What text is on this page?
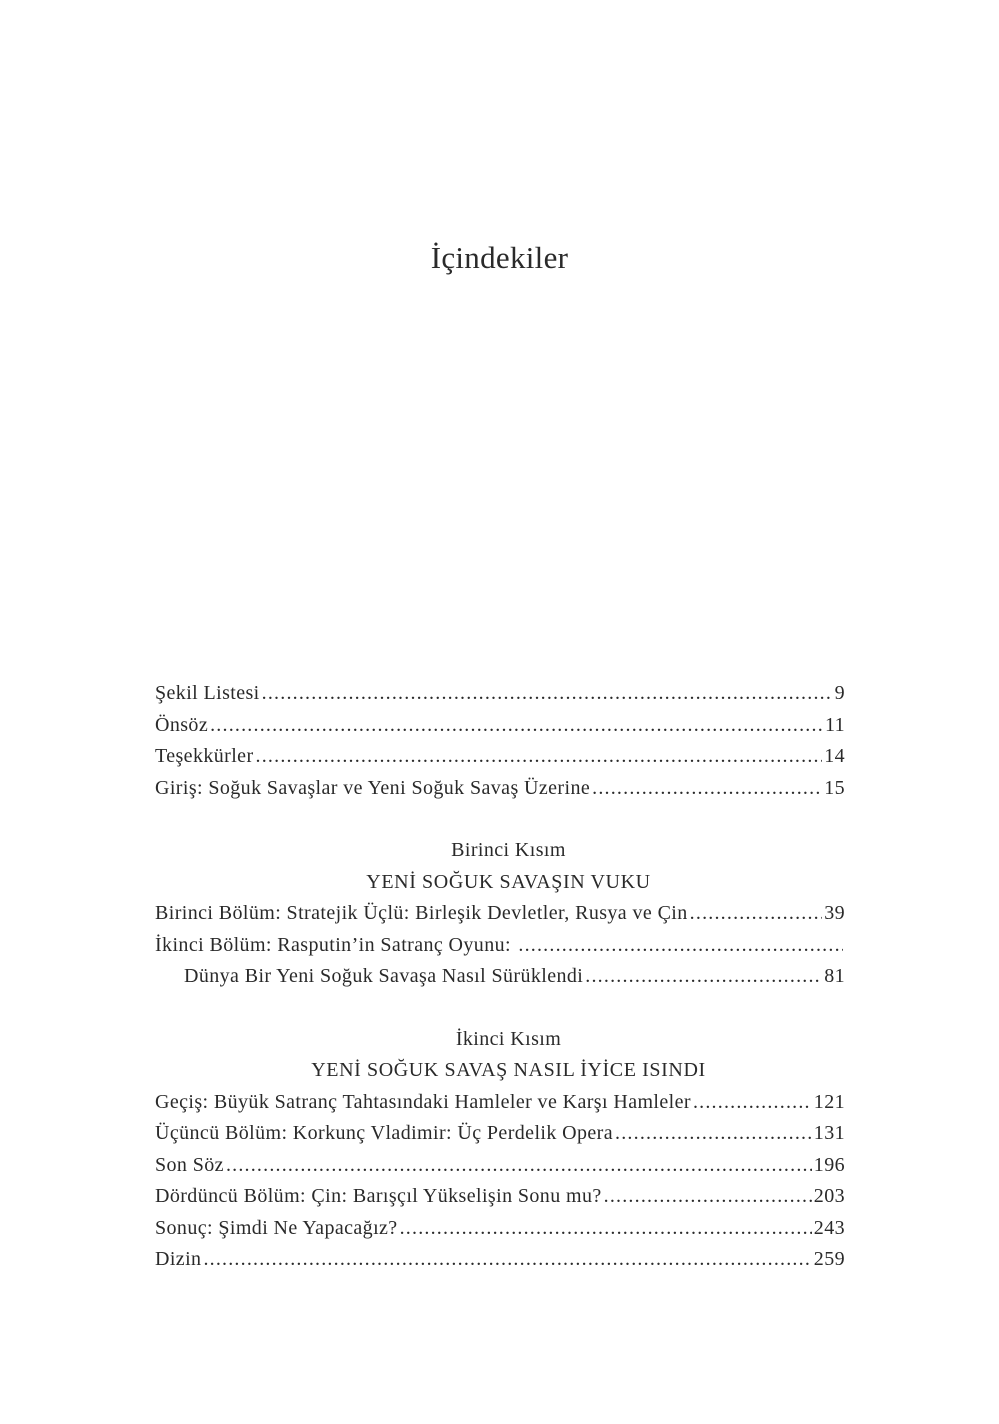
İçindekiler
Şekil Listesi .....	9
Önsöz .....	11
Teşekkürler .....	14
Giriş: Soğuk Savaşlar ve Yeni Soğuk Savaş Üzerine .....	15
Birinci Kısım
YENİ SOĞUK SAVAŞIN VUKU
Birinci Bölüm: Stratejik Üçlü: Birleşik Devletler, Rusya ve Çin .....	39
İkinci Bölüm: Rasputin’in Satranç Oyunu:
.....
Dünya Bir Yeni Soğuk Savaşa Nasıl Sürüklendi .....	81
İkinci Kısım
YENİ SOĞUK SAVAŞ NASIL İYİCE ISINDI
Geçiş: Büyük Satranç Tahtasındaki Hamleler ve Karşı Hamleler .....	121
Üçüncü Bölüm: Korkunç Vladimir: Üç Perdelik Opera .....	131
Son Söz .....	196
Dördüncü Bölüm: Çin: Barışçıl Yükselişin Sonu mu? .....	203
Sonuç: Şimdi Ne Yapacağız? .....	243
Dizin .....	259
